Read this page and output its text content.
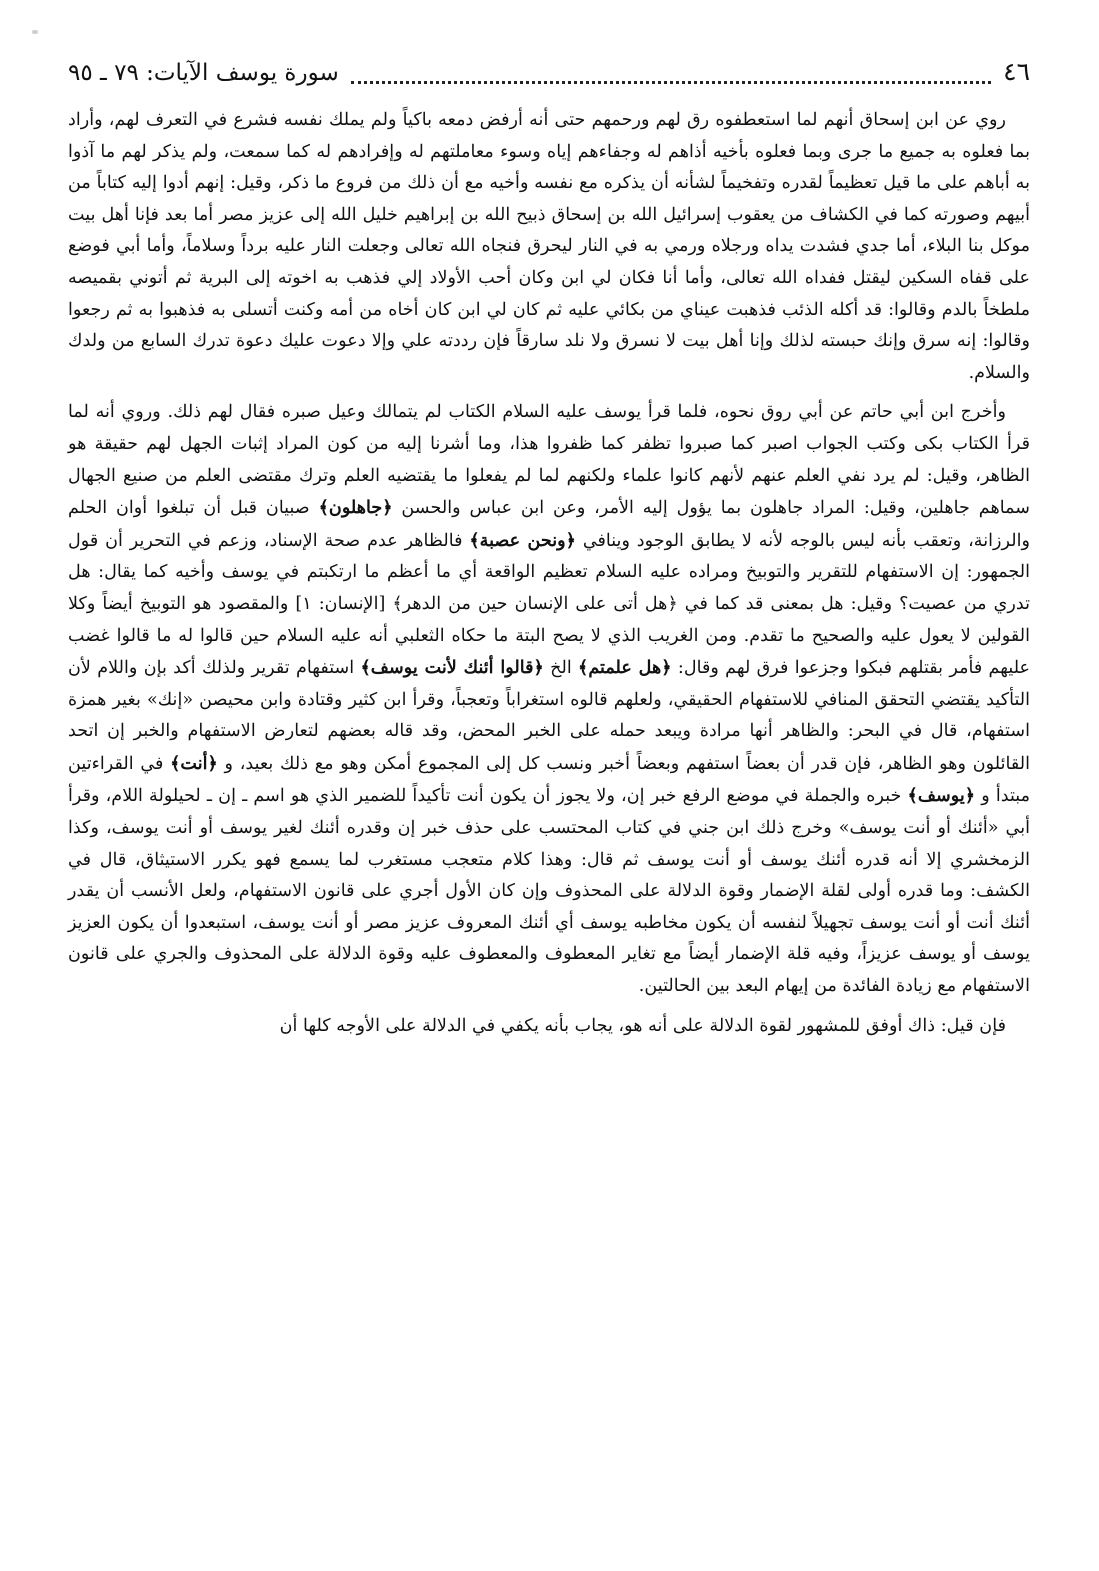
٤٦
سورة يوسف الآيات: ٧٩ ـ ٩٥

روي عن ابن إسحاق أنهم لما استعطفوه رق لهم ورحمهم حتى أنه أرفض دمعه باكياً ولم يملك نفسه فشرع في التعرف لهم، وأراد بما فعلوه به جميع ما جرى وبما فعلوه بأخيه أذاهم له وجفاءهم إياه وسوء معاملتهم له وإفرادهم له كما سمعت، ولم يذكر لهم ما آذوا به أباهم على ما قيل تعظيماً لقدره وتفخيماً لشأنه أن يذكره مع نفسه وأخيه مع أن ذلك من فروع ما ذكر، وقيل: إنهم أدوا إليه كتاباً من أبيهم وصورته كما في الكشاف من يعقوب إسرائيل الله بن إسحاق ذبيح الله بن إبراهيم خليل الله إلى عزيز مصر أما بعد فإنا أهل بيت موكل بنا البلاء، أما جدي فشدت يداه ورجلاه ورمي به في النار ليحرق فنجاه الله تعالى وجعلت النار عليه برداً وسلاماً، وأما أبي فوضع على قفاه السكين ليقتل ففداه الله تعالى، وأما أنا فكان لي ابن وكان أحب الأولاد إلي فذهب به اخوته إلى البرية ثم أتوني بقميصه ملطخاً بالدم وقالوا: قد أكله الذئب فذهبت عيناي من بكائي عليه ثم كان لي ابن كان أخاه من أمه وكنت أتسلى به فذهبوا به ثم رجعوا وقالوا: إنه سرق وإنك حبسته لذلك وإنا أهل بيت لا نسرق ولا نلد سارقاً فإن رددته علي وإلا دعوت عليك دعوة تدرك السابع من ولدك والسلام.

وأخرج ابن أبي حاتم عن أبي روق نحوه، فلما قرأ يوسف عليه السلام الكتاب لم يتمالك وعيل صبره فقال لهم ذلك. وروي أنه لما قرأ الكتاب بكى وكتب الجواب اصبر كما صبروا تظفر كما ظفروا هذا، وما أشرنا إليه من كون المراد إثبات الجهل لهم حقيقة هو الظاهر، وقيل: لم يرد نفي العلم عنهم لأنهم كانوا علماء ولكنهم لما لم يفعلوا ما يقتضيه العلم وترك مقتضى العلم من صنيع الجهال سماهم جاهلين، وقيل: المراد جاهلون بما يؤول إليه الأمر، وعن ابن عباس والحسن ﴿جاهلون﴾ صبيان قبل أن تبلغوا أوان الحلم والرزانة، وتعقب بأنه ليس بالوجه لأنه لا يطابق الوجود وينافي ﴿ونحن عصبة﴾ فالظاهر عدم صحة الإسناد، وزعم في التحرير أن قول الجمهور: إن الاستفهام للتقرير والتوبيخ ومراده عليه السلام تعظيم الواقعة أي ما أعظم ما ارتكبتم في يوسف وأخيه كما يقال: هل تدري من عصيت؟ وقيل: هل بمعنى قد كما في ﴿هل أتى على الإنسان حين من الدهر﴾ [الإنسان: ١] والمقصود هو التوبيخ أيضاً وكلا القولين لا يعول عليه والصحيح ما تقدم. ومن الغريب الذي لا يصح البتة ما حكاه الثعلبي أنه عليه السلام حين قالوا له ما قالوا غضب عليهم فأمر بقتلهم فبكوا وجزعوا فرق لهم وقال: ﴿هل علمتم﴾ الخ ﴿قالوا أئنك لأنت يوسف﴾ استفهام تقرير ولذلك أكد بإن واللام لأن التأكيد يقتضي التحقق المنافي للاستفهام الحقيقي، ولعلهم قالوه استغراباً وتعجباً، وقرأ ابن كثير وقتادة وابن محيصن «إنك» بغير همزة استفهام، قال في البحر: والظاهر أنها مرادة ويبعد حمله على الخبر المحض، وقد قاله بعضهم لتعارض الاستفهام والخبر إن اتحد القائلون وهو الظاهر، فإن قدر أن بعضاً استفهم وبعضاً أخبر ونسب كل إلى المجموع أمكن وهو مع ذلك بعيد، و ﴿أنت﴾ في القراءتين مبتدأ و ﴿يوسف﴾ خبره والجملة في موضع الرفع خبر إن، ولا يجوز أن يكون أنت تأكيداً للضمير الذي هو اسم ـ إن ـ لحيلولة اللام، وقرأ أبي «أئنك أو أنت يوسف» وخرج ذلك ابن جني في كتاب المحتسب على حذف خبر إن وقدره أئنك لغير يوسف أو أنت يوسف، وكذا الزمخشري إلا أنه قدره أئنك يوسف أو أنت يوسف ثم قال: وهذا كلام متعجب مستغرب لما يسمع فهو يكرر الاستيثاق، قال في الكشف: وما قدره أولى لقلة الإضمار وقوة الدلالة على المحذوف وإن كان الأول أجري على قانون الاستفهام، ولعل الأنسب أن يقدر أئنك أنت أو أنت يوسف تجهيلاً لنفسه أن يكون مخاطبه يوسف أي أئنك المعروف عزيز مصر أو أنت يوسف، استبعدوا أن يكون العزيز يوسف أو يوسف عزيزاً، وفيه قلة الإضمار أيضاً مع تغاير المعطوف والمعطوف عليه وقوة الدلالة على المحذوف والجري على قانون الاستفهام مع زيادة الفائدة من إيهام البعد بين الحالتين.

فإن قيل: ذاك أوفق للمشهور لقوة الدلالة على أنه هو، يجاب بأنه يكفي في الدلالة على الأوجه كلها أن
